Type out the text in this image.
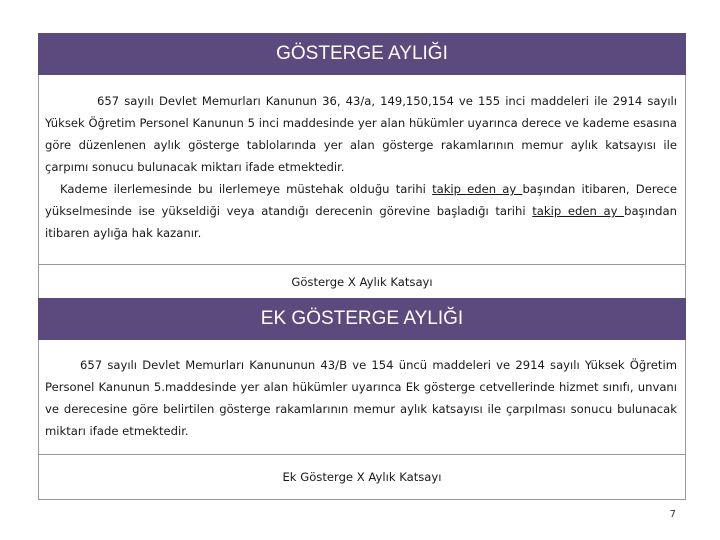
GÖSTERGE AYLIĞI

657 sayılı Devlet Memurları Kanunun 36, 43/a, 149,150,154 ve 155 inci maddeleri ile 2914 sayılı Yüksek Öğretim Personel Kanunun 5 inci maddesinde yer alan hükümler uyarınca derece ve kademe esasına göre düzenlenen aylık gösterge tablolarında yer alan gösterge rakamlarının memur aylık katsayısı ile çarpımı sonucu bulunacak miktarı ifade etmektedir.

Kademe ilerlemesinde bu ilerlemeye müstehak olduğu tarihi takip eden ay başından itibaren, Derece yükselmesinde ise yükseldiği veya atandığı derecenin görevine başladığı tarihi takip eden ay başından itibaren aylığa hak kazanır.

Gösterge X Aylık Katsayı
EK GÖSTERGE AYLIĞI
657 sayılı Devlet Memurları Kanununun 43/B ve 154 üncü maddeleri ve 2914 sayılı Yüksek Öğretim Personel Kanunun 5.maddesinde yer alan hükümler uyarınca Ek gösterge cetvellerinde hizmet sınıfı, unvanı ve derecesine göre belirtilen gösterge rakamlarının memur aylık katsayısı ile çarpılması sonucu bulunacak miktarı ifade etmektedir.
Ek Gösterge X Aylık Katsayı
7
